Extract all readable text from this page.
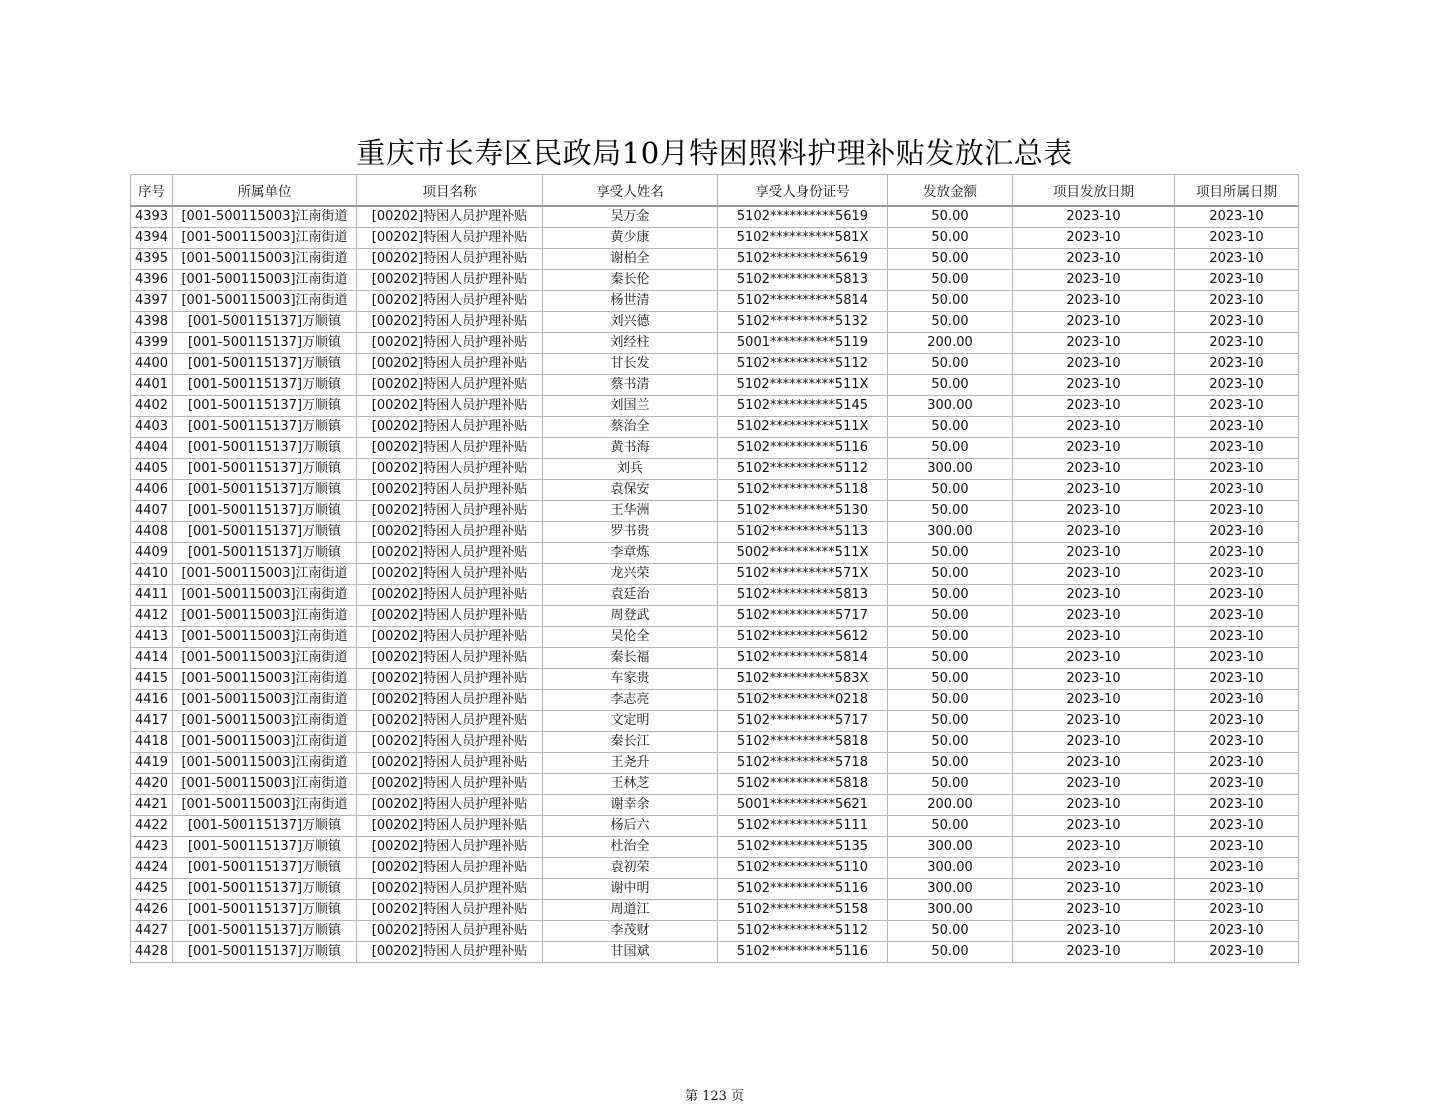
重庆市长寿区民政局10月特困照料护理补贴发放汇总表
序号	所属单位	项目名称	享受人姓名	享受人身份证号	发放金额	项目发放日期	项目所属日期
4393	[001-500115003]江南街道	[00202]特困人员护理补贴	吴万金	5102**********5619	50.00	2023-10	2023-10
4394	[001-500115003]江南街道	[00202]特困人员护理补贴	黄少康	5102**********581X	50.00	2023-10	2023-10
4395	[001-500115003]江南街道	[00202]特困人员护理补贴	谢柏全	5102**********5619	50.00	2023-10	2023-10
4396	[001-500115003]江南街道	[00202]特困人员护理补贴	秦长伦	5102**********5813	50.00	2023-10	2023-10
4397	[001-500115003]江南街道	[00202]特困人员护理补贴	杨世清	5102**********5814	50.00	2023-10	2023-10
4398	[001-500115137]万顺镇	[00202]特困人员护理补贴	刘兴德	5102**********5132	50.00	2023-10	2023-10
4399	[001-500115137]万顺镇	[00202]特困人员护理补贴	刘经柱	5001**********5119	200.00	2023-10	2023-10
4400	[001-500115137]万顺镇	[00202]特困人员护理补贴	甘长发	5102**********5112	50.00	2023-10	2023-10
4401	[001-500115137]万顺镇	[00202]特困人员护理补贴	蔡书清	5102**********511X	50.00	2023-10	2023-10
4402	[001-500115137]万顺镇	[00202]特困人员护理补贴	刘国兰	5102**********5145	300.00	2023-10	2023-10
4403	[001-500115137]万顺镇	[00202]特困人员护理补贴	蔡治全	5102**********511X	50.00	2023-10	2023-10
4404	[001-500115137]万顺镇	[00202]特困人员护理补贴	黄书海	5102**********5116	50.00	2023-10	2023-10
4405	[001-500115137]万顺镇	[00202]特困人员护理补贴	刘兵	5102**********5112	300.00	2023-10	2023-10
4406	[001-500115137]万顺镇	[00202]特困人员护理补贴	袁保安	5102**********5118	50.00	2023-10	2023-10
4407	[001-500115137]万顺镇	[00202]特困人员护理补贴	王华洲	5102**********5130	50.00	2023-10	2023-10
4408	[001-500115137]万顺镇	[00202]特困人员护理补贴	罗书贵	5102**********5113	300.00	2023-10	2023-10
4409	[001-500115137]万顺镇	[00202]特困人员护理补贴	李章炼	5002**********511X	50.00	2023-10	2023-10
4410	[001-500115003]江南街道	[00202]特困人员护理补贴	龙兴荣	5102**********571X	50.00	2023-10	2023-10
4411	[001-500115003]江南街道	[00202]特困人员护理补贴	袁廷治	5102**********5813	50.00	2023-10	2023-10
4412	[001-500115003]江南街道	[00202]特困人员护理补贴	周登武	5102**********5717	50.00	2023-10	2023-10
4413	[001-500115003]江南街道	[00202]特困人员护理补贴	吴伦全	5102**********5612	50.00	2023-10	2023-10
4414	[001-500115003]江南街道	[00202]特困人员护理补贴	秦长福	5102**********5814	50.00	2023-10	2023-10
4415	[001-500115003]江南街道	[00202]特困人员护理补贴	车家贵	5102**********583X	50.00	2023-10	2023-10
4416	[001-500115003]江南街道	[00202]特困人员护理补贴	李志亮	5102**********0218	50.00	2023-10	2023-10
4417	[001-500115003]江南街道	[00202]特困人员护理补贴	文定明	5102**********5717	50.00	2023-10	2023-10
4418	[001-500115003]江南街道	[00202]特困人员护理补贴	秦长江	5102**********5818	50.00	2023-10	2023-10
4419	[001-500115003]江南街道	[00202]特困人员护理补贴	王尧升	5102**********5718	50.00	2023-10	2023-10
4420	[001-500115003]江南街道	[00202]特困人员护理补贴	王林芝	5102**********5818	50.00	2023-10	2023-10
4421	[001-500115003]江南街道	[00202]特困人员护理补贴	谢幸余	5001**********5621	200.00	2023-10	2023-10
4422	[001-500115137]万顺镇	[00202]特困人员护理补贴	杨后六	5102**********5111	50.00	2023-10	2023-10
4423	[001-500115137]万顺镇	[00202]特困人员护理补贴	杜治全	5102**********5135	300.00	2023-10	2023-10
4424	[001-500115137]万顺镇	[00202]特困人员护理补贴	袁初荣	5102**********5110	300.00	2023-10	2023-10
4425	[001-500115137]万顺镇	[00202]特困人员护理补贴	谢中明	5102**********5116	300.00	2023-10	2023-10
4426	[001-500115137]万顺镇	[00202]特困人员护理补贴	周道江	5102**********5158	300.00	2023-10	2023-10
4427	[001-500115137]万顺镇	[00202]特困人员护理补贴	李茂财	5102**********5112	50.00	2023-10	2023-10
4428	[001-500115137]万顺镇	[00202]特困人员护理补贴	甘国斌	5102**********5116	50.00	2023-10	2023-10
第 123 页
